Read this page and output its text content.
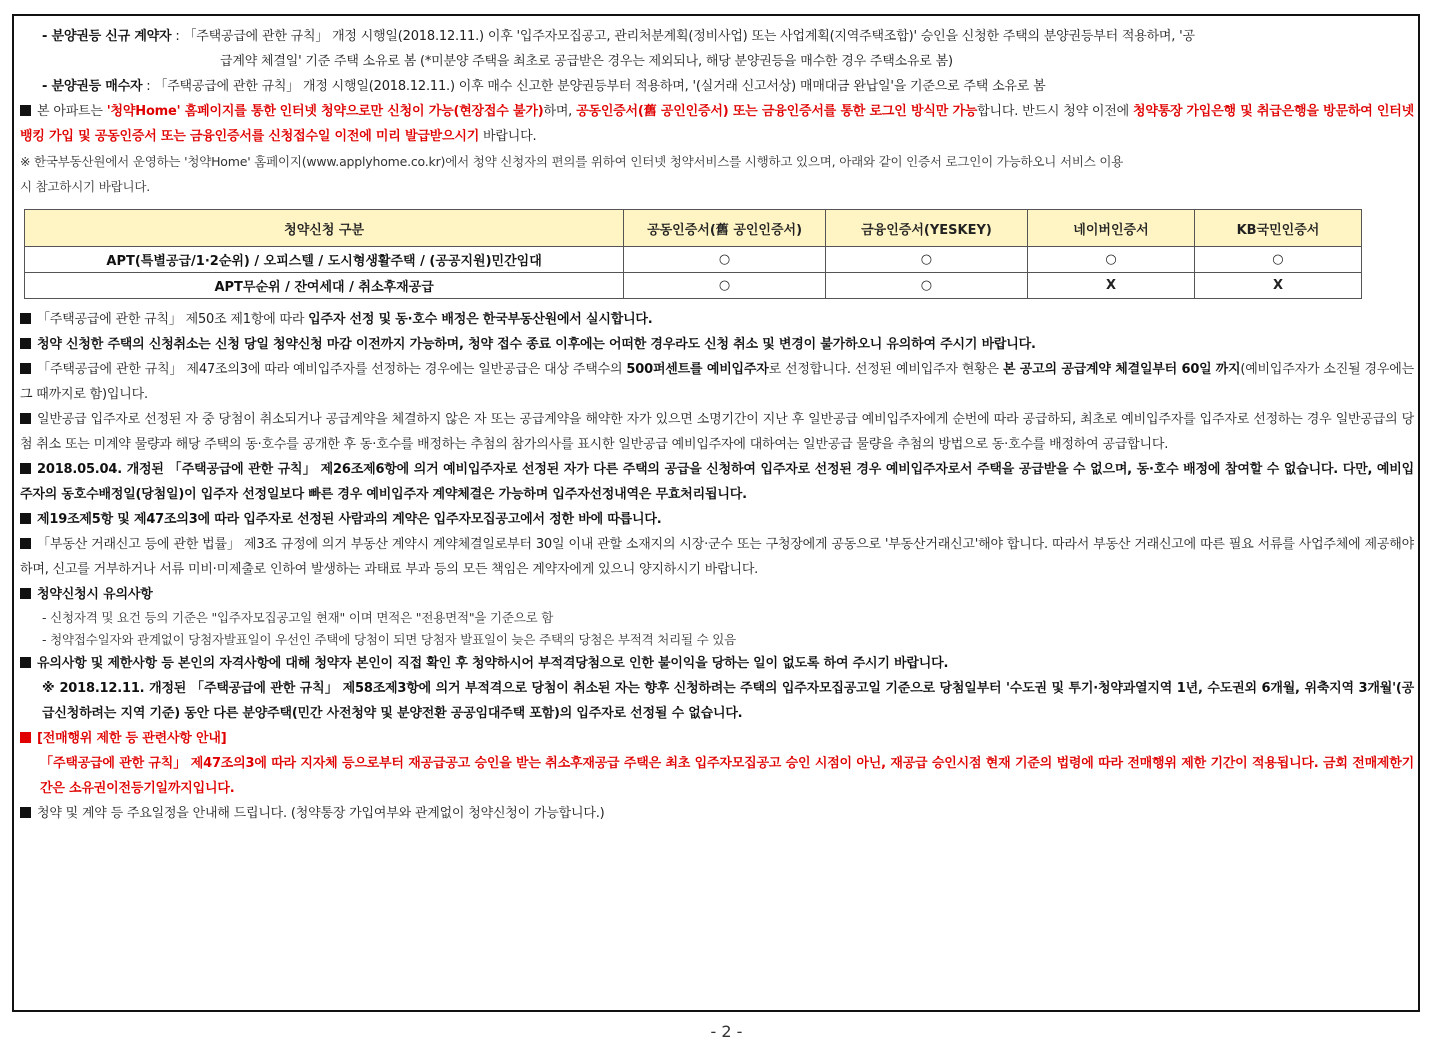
- 분양권등 신규 계약자 : 「주택공급에 관한 규칙」 개정 시행일(2018.12.11.) 이후 '입주자모집공고, 관리처분계획(정비사업) 또는 사업계획(지역주택조합)' 승인을 신청한 주택의 분양권등부터 적용하며, '공
급계약 체결일' 기준 주택 소유로 봄 (*미분양 주택을 최초로 공급받은 경우는 제외되나, 해당 분양권등을 매수한 경우 주택소유로 봄)
- 분양권등 매수자 : 「주택공급에 관한 규칙」 개정 시행일(2018.12.11.) 이후 매수 신고한 분양권등부터 적용하며, '(실거래 신고서상) 매매대금 완납일'을 기준으로 주택 소유로 봄
본 아파트는 '청약Home' 홈페이지를 통한 인터넷 청약으로만 신청이 가능(현장접수 불가)하며, 공동인증서(舊 공인인증서) 또는 금융인증서를 통한 로그인 방식만 가능합니다. 반드시 청약 이전에 청약통장 가입은행 및 취급은행을 방문하여 인터넷뱅킹 가입 및 공동인증서 또는 금융인증서를 신청접수일 이전에 미리 발급받으시기 바랍니다.
※ 한국부동산원에서 운영하는 '청약Home' 홈페이지(www.applyhome.co.kr)에서 청약 신청자의 편의를 위하여 인터넷 청약서비스를 시행하고 있으며, 아래와 같이 인증서 로그인이 가능하오니 서비스 이용
시 참고하시기 바랍니다.
청약신청 구분	공동인증서(舊 공인인증서)	금융인증서(YESKEY)	네이버인증서	KB국민인증서
APT(특별공급/1·2순위) / 오피스텔 / 도시형생활주택 / (공공지원)민간임대	○	○	○	○
APT무순위 / 잔여세대 / 취소후재공급	○	○	X	X
「주택공급에 관한 규칙」 제50조 제1항에 따라 입주자 선정 및 동·호수 배정은 한국부동산원에서 실시합니다.
청약 신청한 주택의 신청취소는 신청 당일 청약신청 마감 이전까지 가능하며, 청약 접수 종료 이후에는 어떠한 경우라도 신청 취소 및 변경이 불가하오니 유의하여 주시기 바랍니다.
「주택공급에 관한 규칙」 제47조의3에 따라 예비입주자를 선정하는 경우에는 일반공급은 대상 주택수의 500퍼센트를 예비입주자로 선정합니다. 선정된 예비입주자 현황은 본 공고의 공급계약 체결일부터 60일 까지(예비입주자가 소진될 경우에는 그 때까지로 함)입니다.
일반공급 입주자로 선정된 자 중 당첨이 취소되거나 공급계약을 체결하지 않은 자 또는 공급계약을 해약한 자가 있으면 소명기간이 지난 후 일반공급 예비입주자에게 순번에 따라 공급하되, 최초로 예비입주자를 입주자로 선정하는 경우 일반공급의 당첨 취소 또는 미계약 물량과 해당 주택의 동·호수를 공개한 후 동·호수를 배정하는 추첨의 참가의사를 표시한 일반공급 예비입주자에 대하여는 일반공급 물량을 추첨의 방법으로 동·호수를 배정하여 공급합니다.
2018.05.04. 개정된 「주택공급에 관한 규칙」 제26조제6항에 의거 예비입주자로 선정된 자가 다른 주택의 공급을 신청하여 입주자로 선정된 경우 예비입주자로서 주택을 공급받을 수 없으며, 동·호수 배정에 참여할 수 없습니다. 다만, 예비입주자의 동호수배정일(당첨일)이 입주자 선정일보다 빠른 경우 예비입주자 계약체결은 가능하며 입주자선정내역은 무효처리됩니다.
제19조제5항 및 제47조의3에 따라 입주자로 선정된 사람과의 계약은 입주자모집공고에서 정한 바에 따릅니다.
「부동산 거래신고 등에 관한 법률」 제3조 규정에 의거 부동산 계약시 계약체결일로부터 30일 이내 관할 소재지의 시장·군수 또는 구청장에게 공동으로 '부동산거래신고'해야 합니다. 따라서 부동산 거래신고에 따른 필요 서류를 사업주체에 제공해야 하며, 신고를 거부하거나 서류 미비·미제출로 인하여 발생하는 과태료 부과 등의 모든 책임은 계약자에게 있으니 양지하시기 바랍니다.
청약신청시 유의사항
- 신청자격 및 요건 등의 기준은 "입주자모집공고일 현재" 이며 면적은 "전용면적"을 기준으로 함
- 청약접수일자와 관계없이 당첨자발표일이 우선인 주택에 당첨이 되면 당첨자 발표일이 늦은 주택의 당첨은 부적격 처리될 수 있음
유의사항 및 제한사항 등 본인의 자격사항에 대해 청약자 본인이 직접 확인 후 청약하시어 부적격당첨으로 인한 불이익을 당하는 일이 없도록 하여 주시기 바랍니다.
※ 2018.12.11. 개정된 「주택공급에 관한 규칙」 제58조제3항에 의거 부적격으로 당첨이 취소된 자는 향후 신청하려는 주택의 입주자모집공고일 기준으로 당첨일부터 '수도권 및 투기·청약과열지역 1년, 수도권외 6개월, 위축지역 3개월'(공급신청하려는 지역 기준) 동안 다른 분양주택(민간 사전청약 및 분양전환 공공임대주택 포함)의 입주자로 선정될 수 없습니다.
[전매행위 제한 등 관련사항 안내]
「주택공급에 관한 규칙」 제47조의3에 따라 지자체 등으로부터 재공급공고 승인을 받는 취소후재공급 주택은 최초 입주자모집공고 승인 시점이 아닌, 재공급 승인시점 현재 기준의 법령에 따라 전매행위 제한 기간이 적용됩니다. 금회 전매제한기간은 소유권이전등기일까지입니다.
청약 및 계약 등 주요일정을 안내해 드립니다. (청약통장 가입여부와 관계없이 청약신청이 가능합니다.)
- 2 -
